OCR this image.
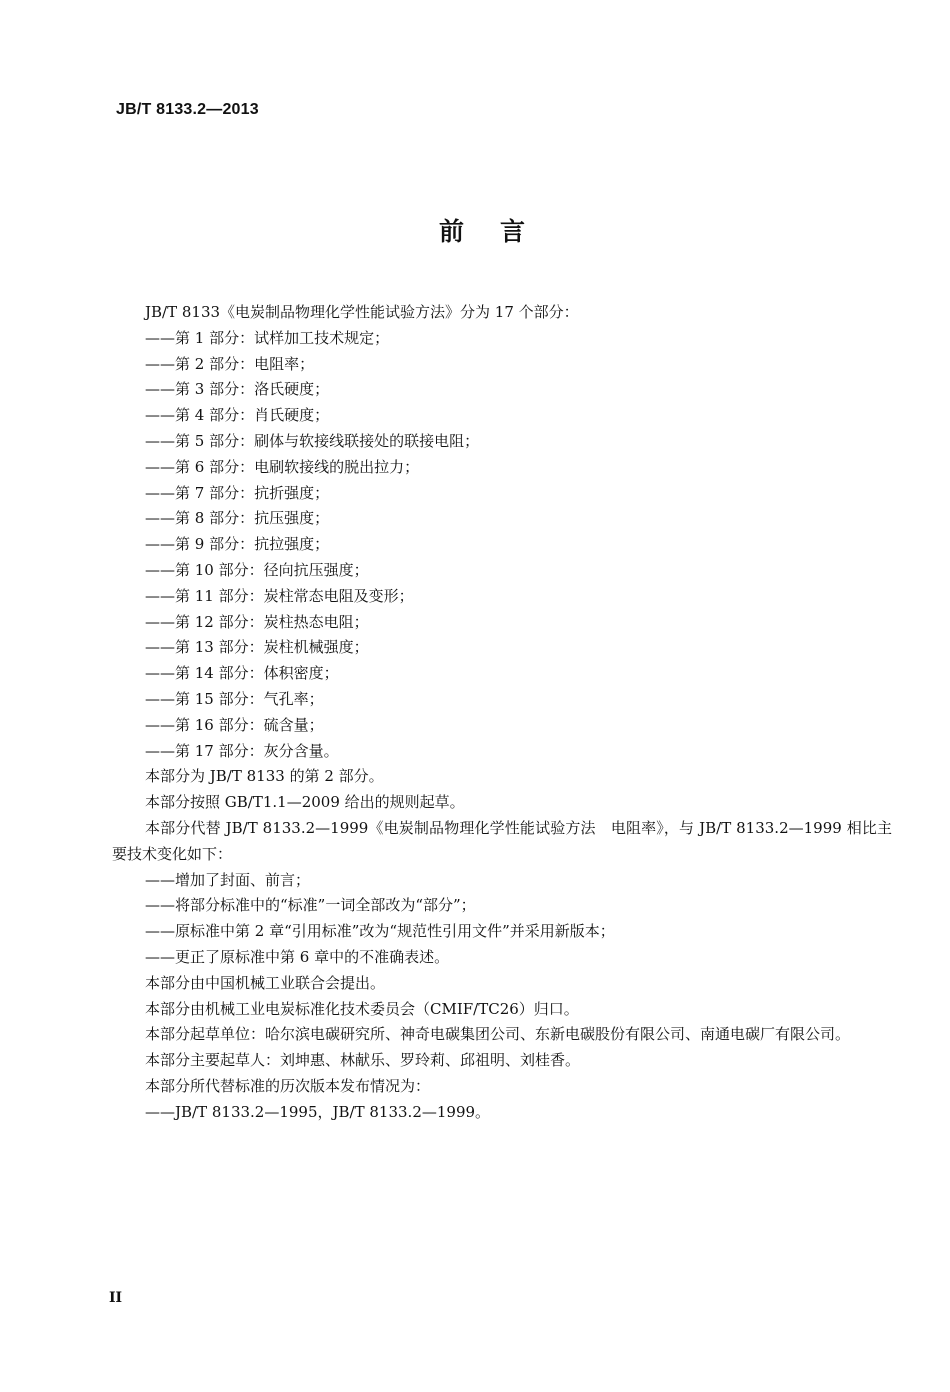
JB/T 8133.2—2013
前言

JB/T 8133《电炭制品物理化学性能试验方法》分为 17 个部分：

——第 1 部分：试样加工技术规定；

——第 2 部分：电阻率；

——第 3 部分：洛氏硬度；

——第 4 部分：肖氏硬度；

——第 5 部分：刷体与软接线联接处的联接电阻；

——第 6 部分：电刷软接线的脱出拉力；

——第 7 部分：抗折强度；

——第 8 部分：抗压强度；

——第 9 部分：抗拉强度；

——第 10 部分：径向抗压强度；

——第 11 部分：炭柱常态电阻及变形；

——第 12 部分：炭柱热态电阻；

——第 13 部分：炭柱机械强度；

——第 14 部分：体积密度；

——第 15 部分：气孔率；

——第 16 部分：硫含量；

——第 17 部分：灰分含量。

本部分为 JB/T 8133 的第 2 部分。

本部分按照 GB/T1.1—2009 给出的规则起草。

本部分代替 JB/T 8133.2—1999《电炭制品物理化学性能试验方法　电阻率》，与 JB/T 8133.2—1999 相比主要技术变化如下：

——增加了封面、前言；

——将部分标准中的“标准”一词全部改为“部分”；

——原标准中第 2 章“引用标准”改为“规范性引用文件”并采用新版本；

——更正了原标准中第 6 章中的不准确表述。

本部分由中国机械工业联合会提出。

本部分由机械工业电炭标准化技术委员会（CMIF/TC26）归口。

本部分起草单位：哈尔滨电碳研究所、神奇电碳集团公司、东新电碳股份有限公司、南通电碳厂有限公司。

本部分主要起草人：刘坤惠、林献乐、罗玲莉、邱祖明、刘桂香。

本部分所代替标准的历次版本发布情况为：

——JB/T 8133.2—1995，JB/T 8133.2—1999。

II
